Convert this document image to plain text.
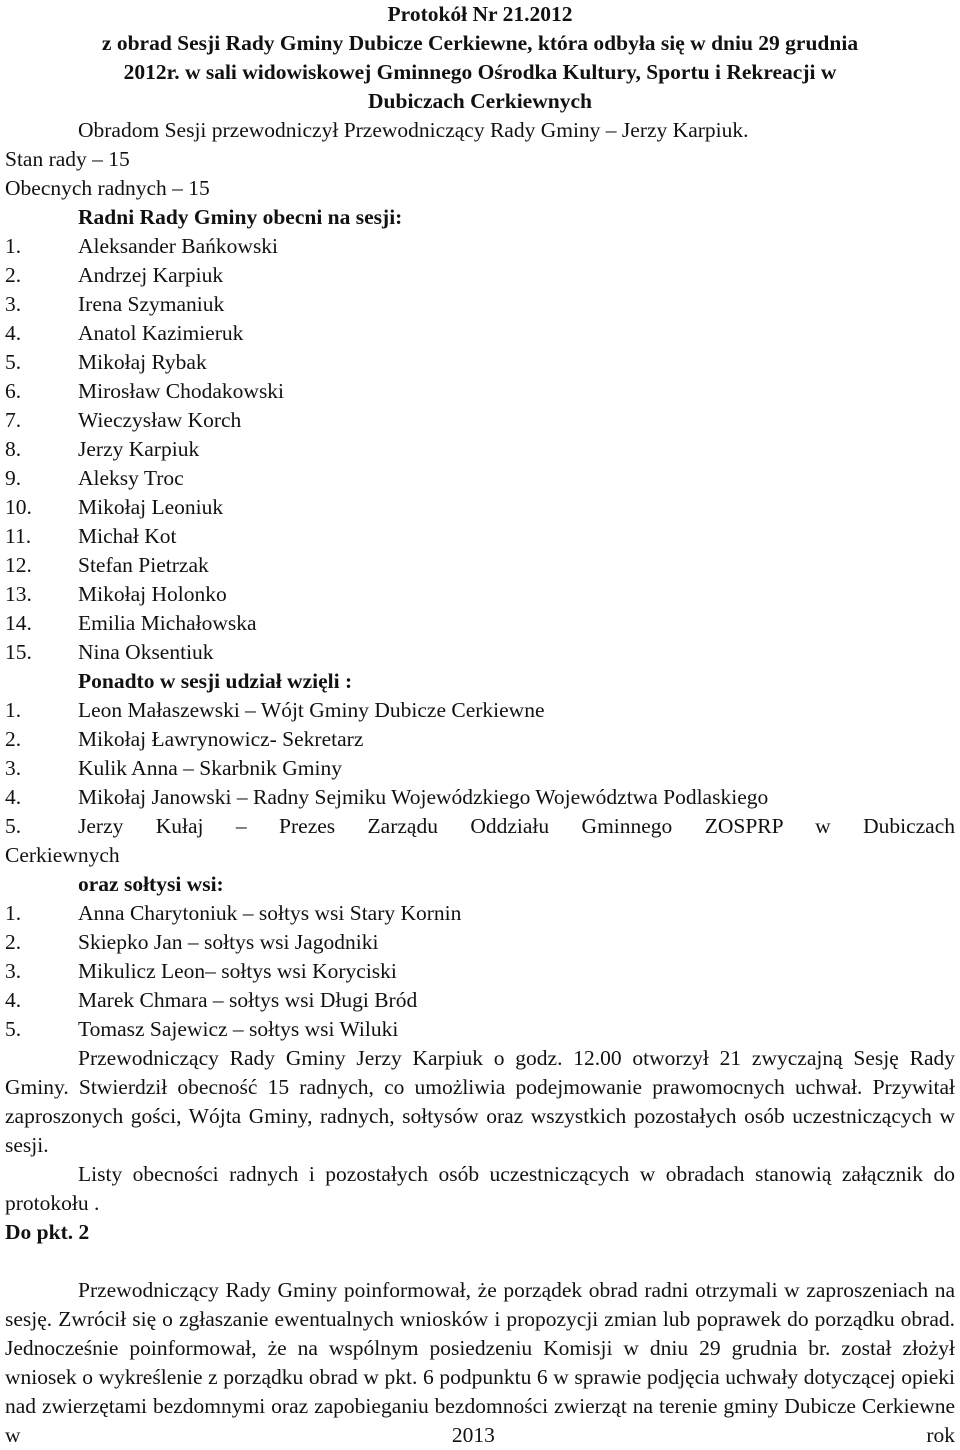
Protokół Nr 21.2012
z obrad Sesji Rady Gminy Dubicze Cerkiewne, która odbyła się w dniu 29 grudnia
2012r. w sali widowiskowej Gminnego Ośrodka Kultury, Sportu i Rekreacji w
Dubiczach Cerkiewnych
Obradom Sesji przewodniczył Przewodniczący Rady Gminy – Jerzy Karpiuk.
Stan rady – 15
Obecnych radnych – 15
Radni Rady Gminy obecni na sesji:
1.	Aleksander Bańkowski
2.	Andrzej Karpiuk
3.	Irena Szymaniuk
4.	Anatol Kazimieruk
5.	Mikołaj Rybak
6.	Mirosław Chodakowski
7.	Wieczysław Korch
8.	Jerzy Karpiuk
9.	Aleksy Troc
10.	Mikołaj Leoniuk
11.	Michał Kot
12.	Stefan Pietrzak
13.	Mikołaj Holonko
14.	Emilia Michałowska
15.	Nina Oksentiuk
Ponadto w sesji udział wzięli :
1.	Leon Małaszewski – Wójt Gminy Dubicze Cerkiewne
2.	Mikołaj Ławrynowicz- Sekretarz
3.	Kulik Anna – Skarbnik Gminy
4.	Mikołaj Janowski – Radny Sejmiku Wojewódzkiego Województwa Podlaskiego
5.	Jerzy Kułaj – Prezes Zarządu Oddziału Gminnego ZOSPRP w Dubiczach
Cerkiewnych
oraz sołtysi wsi:
1.	Anna Charytoniuk – sołtys wsi Stary Kornin
2.	Skiepko Jan – sołtys wsi Jagodniki
3.	Mikulicz Leon– sołtys wsi Koryciski
4.	Marek Chmara – sołtys wsi Długi Bród
5.	Tomasz Sajewicz – sołtys wsi Wiluki
Przewodniczący Rady Gminy Jerzy Karpiuk o godz. 12.00 otworzył 21 zwyczajną Sesję Rady Gminy. Stwierdził obecność 15 radnych, co umożliwia podejmowanie prawomocnych uchwał. Przywitał zaproszonych gości, Wójta Gminy, radnych, sołtysów oraz wszystkich pozostałych osób uczestniczących w sesji.
Listy obecności radnych i pozostałych osób uczestniczących w obradach stanowią załącznik do protokołu .
Do pkt. 2
Przewodniczący Rady Gminy poinformował, że porządek obrad radni otrzymali w zaproszeniach na sesję. Zwrócił się o zgłaszanie ewentualnych wniosków i propozycji zmian lub poprawek do porządku obrad. Jednocześnie poinformował, że na wspólnym posiedzeniu Komisji w dniu 29 grudnia br. został złożył wniosek o wykreślenie z porządku obrad w pkt. 6 podpunktu 6 w sprawie podjęcia uchwały dotyczącej opieki nad zwierzętami bezdomnymi oraz zapobieganiu bezdomności zwierząt na terenie gminy Dubicze Cerkiewne w 2013 rok
